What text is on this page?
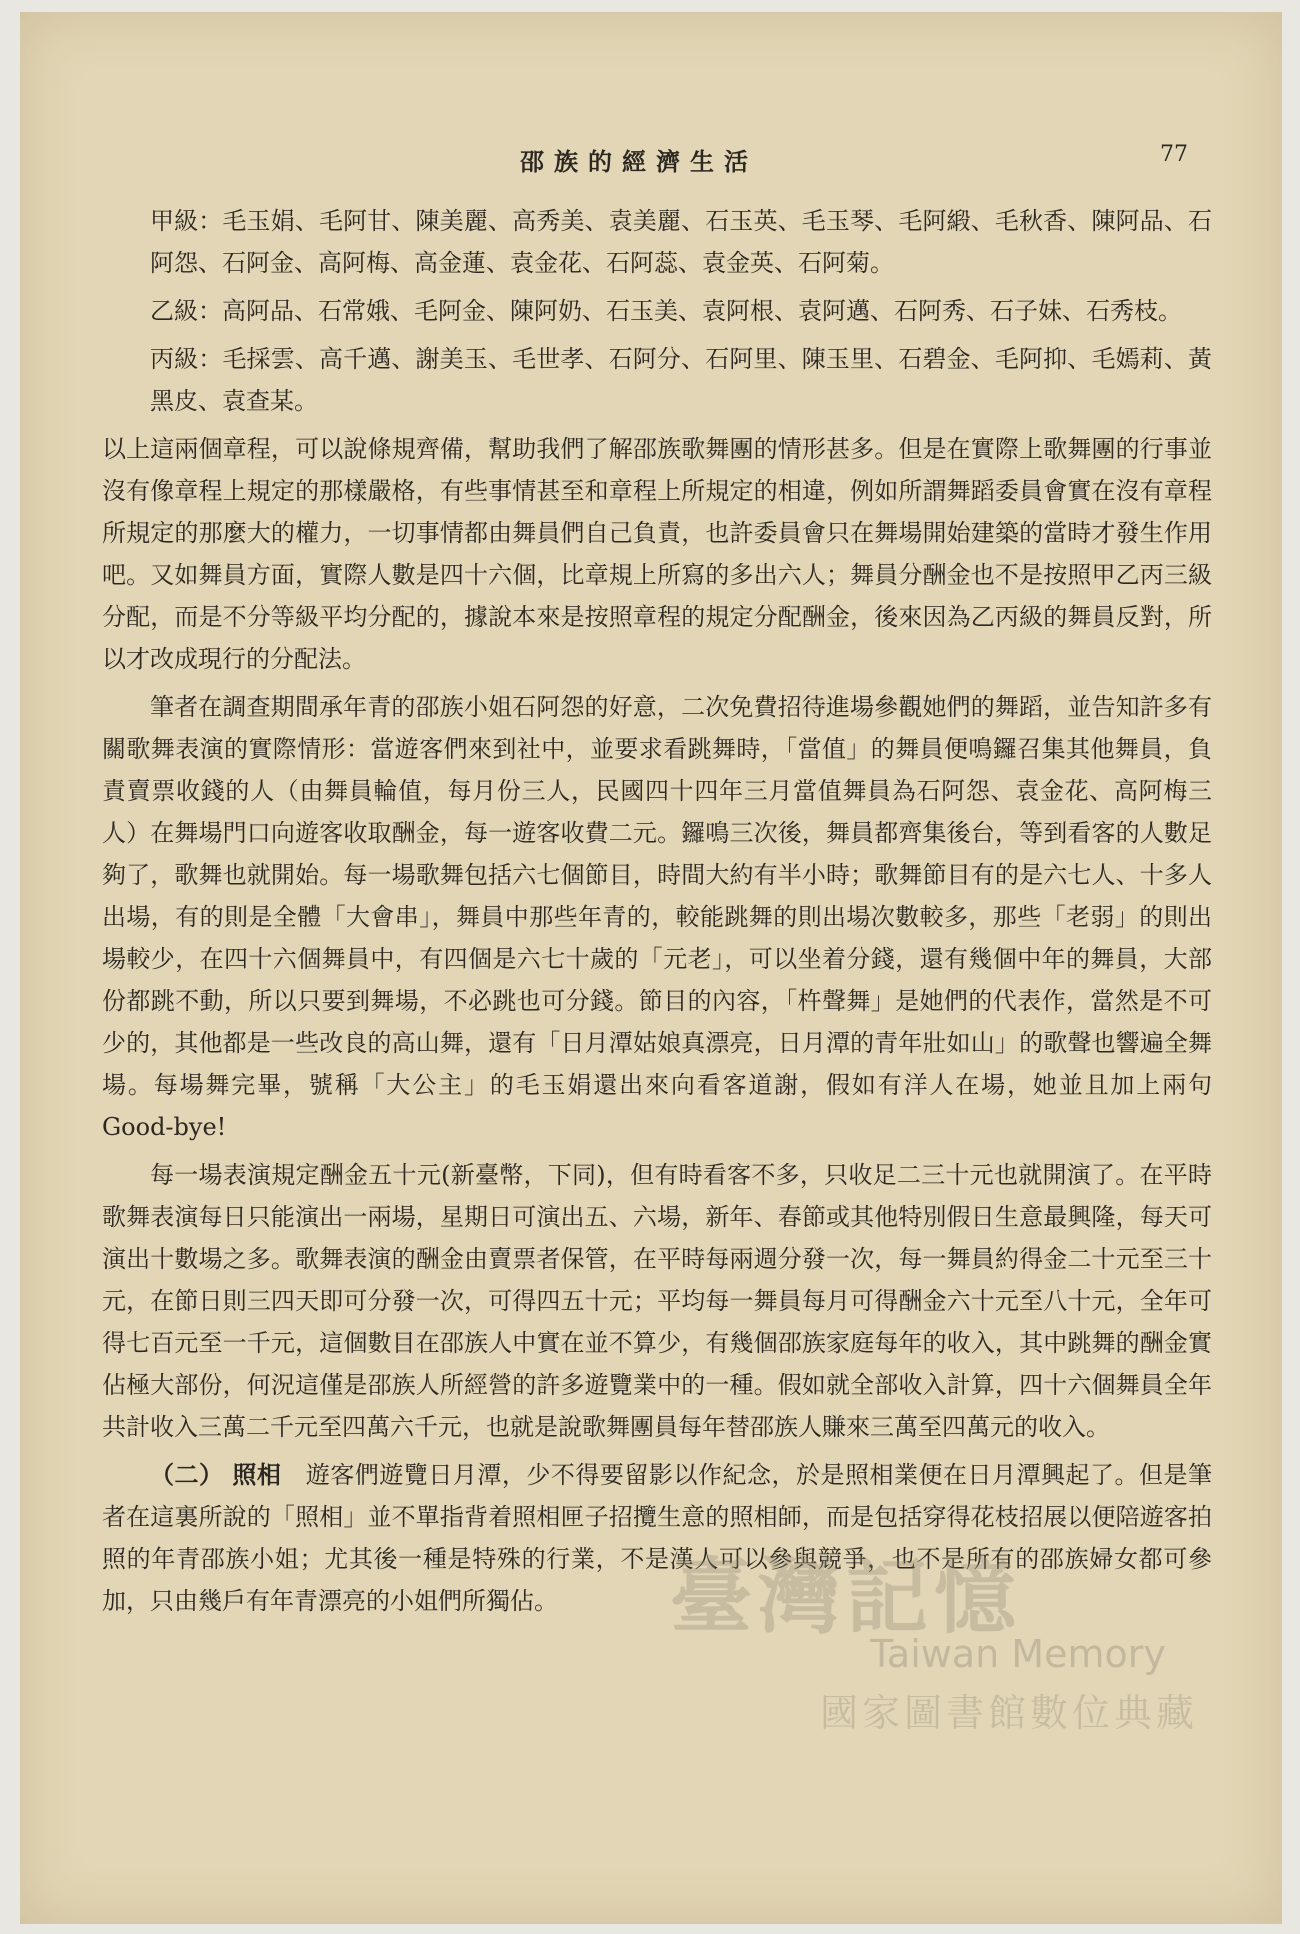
邵族的經濟生活	77

甲級：毛玉娟、毛阿甘、陳美麗、高秀美、袁美麗、石玉英、毛玉琴、毛阿緞、毛秋香、陳阿品、石阿怨、石阿金、高阿梅、高金蓮、袁金花、石阿蕊、袁金英、石阿菊。

乙級：高阿品、石常娥、毛阿金、陳阿奶、石玉美、袁阿根、袁阿邁、石阿秀、石子妹、石秀枝。

丙級：毛採雲、高千邁、謝美玉、毛世孝、石阿分、石阿里、陳玉里、石碧金、毛阿抑、毛嫣莉、黃黑皮、袁查某。

以上這兩個章程，可以說條規齊備，幫助我們了解邵族歌舞團的情形甚多。但是在實際上歌舞團的行事並沒有像章程上規定的那樣嚴格，有些事情甚至和章程上所規定的相違，例如所謂舞蹈委員會實在沒有章程所規定的那麼大的權力，一切事情都由舞員們自己負責，也許委員會只在舞場開始建築的當時才發生作用吧。又如舞員方面，實際人數是四十六個，比章規上所寫的多出六人；舞員分酬金也不是按照甲乙丙三級分配，而是不分等級平均分配的，據說本來是按照章程的規定分配酬金，後來因為乙丙級的舞員反對，所以才改成現行的分配法。

筆者在調查期間承年青的邵族小姐石阿怨的好意，二次免費招待進場參觀她們的舞蹈，並告知許多有關歌舞表演的實際情形：當遊客們來到社中，並要求看跳舞時，「當值」的舞員便鳴鑼召集其他舞員，負責賣票收錢的人（由舞員輪值，每月份三人，民國四十四年三月當值舞員為石阿怨、袁金花、高阿梅三人）在舞場門口向遊客收取酬金，每一遊客收費二元。鑼鳴三次後，舞員都齊集後台，等到看客的人數足夠了，歌舞也就開始。每一場歌舞包括六七個節目，時間大約有半小時；歌舞節目有的是六七人、十多人出場，有的則是全體「大會串」，舞員中那些年青的，較能跳舞的則出場次數較多，那些「老弱」的則出場較少，在四十六個舞員中，有四個是六七十歲的「元老」，可以坐着分錢，還有幾個中年的舞員，大部份都跳不動，所以只要到舞場，不必跳也可分錢。節目的內容，「杵聲舞」是她們的代表作，當然是不可少的，其他都是一些改良的高山舞，還有「日月潭姑娘真漂亮，日月潭的青年壯如山」的歌聲也響遍全舞場。每場舞完畢，號稱「大公主」的毛玉娟還出來向看客道謝，假如有洋人在場，她並且加上兩句 Good-bye!

每一場表演規定酬金五十元(新臺幣，下同)，但有時看客不多，只收足二三十元也就開演了。在平時歌舞表演每日只能演出一兩場，星期日可演出五、六場，新年、春節或其他特別假日生意最興隆，每天可演出十數場之多。歌舞表演的酬金由賣票者保管，在平時每兩週分發一次，每一舞員約得金二十元至三十元，在節日則三四天即可分發一次，可得四五十元；平均每一舞員每月可得酬金六十元至八十元，全年可得七百元至一千元，這個數目在邵族人中實在並不算少，有幾個邵族家庭每年的收入，其中跳舞的酬金實佔極大部份，何況這僅是邵族人所經營的許多遊覽業中的一種。假如就全部收入計算，四十六個舞員全年共計收入三萬二千元至四萬六千元，也就是說歌舞團員每年替邵族人賺來三萬至四萬元的收入。

（二） 照相　 遊客們遊覽日月潭，少不得要留影以作紀念，於是照相業便在日月潭興起了。但是筆者在這裏所說的「照相」並不單指背着照相匣子招攬生意的照相師，而是包括穿得花枝招展以便陪遊客拍照的年青邵族小姐；尤其後一種是特殊的行業，不是漢人可以參與競爭，也不是所有的邵族婦女都可參加，只由幾戶有年青漂亮的小姐們所獨佔。	臺灣記憶
Taiwan Memory
國家圖書館數位典藏
